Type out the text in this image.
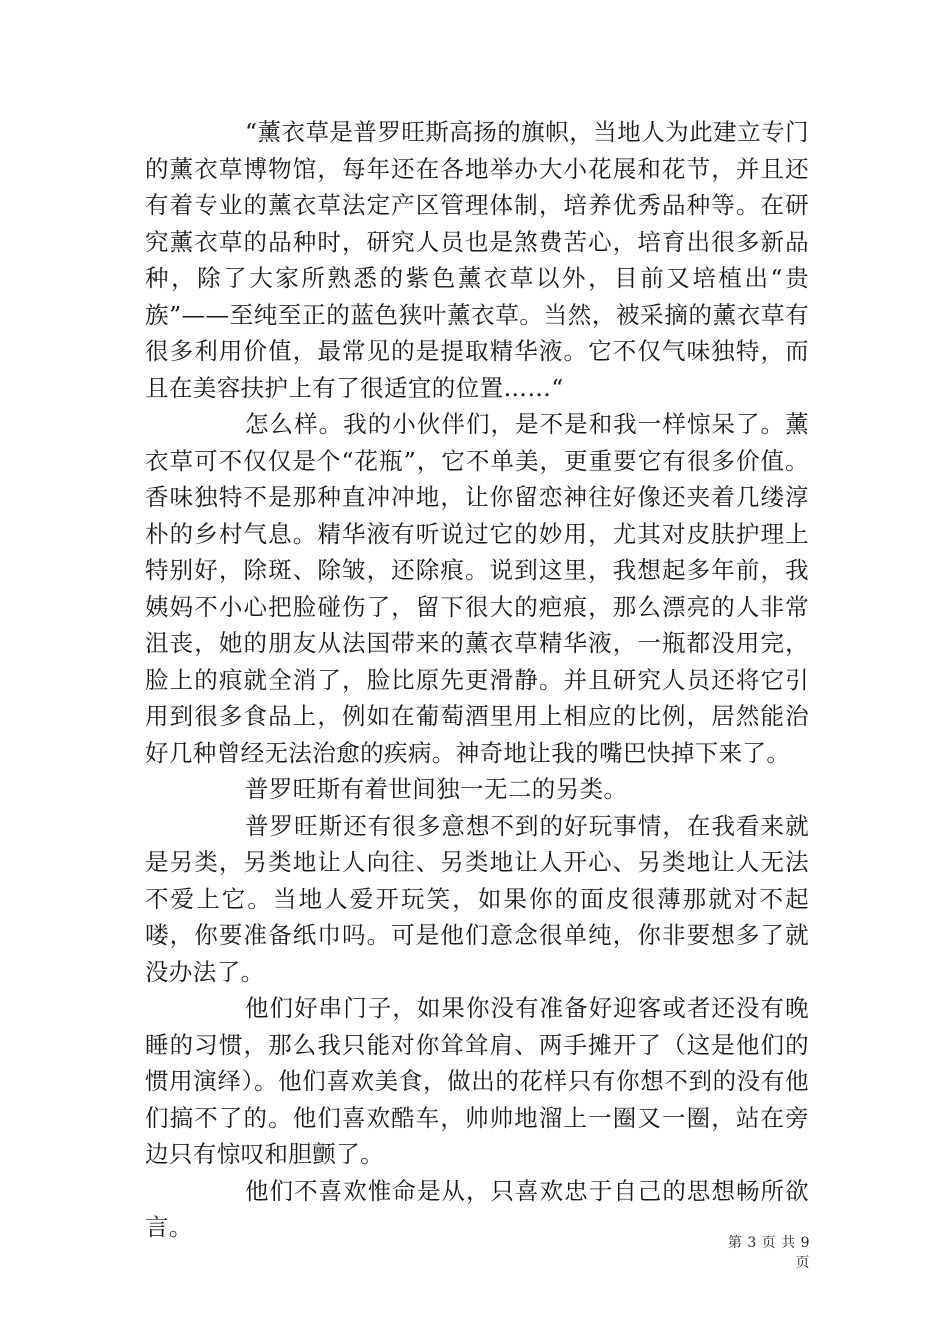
“薰衣草是普罗旺斯高扬的旗帜，当地人为此建立专门的薰衣草博物馆，每年还在各地举办大小花展和花节，并且还有着专业的薰衣草法定产区管理体制，培养优秀品种等。在研究薰衣草的品种时，研究人员也是煞费苦心，培育出很多新品种，除了大家所熟悉的紫色薰衣草以外，目前又培植出“贵族”——至纯至正的蓝色狭叶薰衣草。当然，被采摘的薰衣草有很多利用价值，最常见的是提取精华液。它不仅气味独特，而且在美容扶护上有了很适宜的位置……“

怎么样。我的小伙伴们，是不是和我一样惊呆了。薰衣草可不仅仅是个“花瓶”，它不单美，更重要它有很多价值。香味独特不是那种直冲冲地，让你留恋神往好像还夹着几缕淳朴的乡村气息。精华液有听说过它的妙用，尤其对皮肤护理上特别好，除斑、除皱，还除痕。说到这里，我想起多年前，我姨妈不小心把脸碰伤了，留下很大的疤痕，那么漂亮的人非常沮丧，她的朋友从法国带来的薰衣草精华液，一瓶都没用完，脸上的痕就全消了，脸比原先更滑静。并且研究人员还将它引用到很多食品上，例如在葡萄酒里用上相应的比例，居然能治好几种曾经无法治愈的疾病。神奇地让我的嘴巴快掉下来了。

普罗旺斯有着世间独一无二的另类。

普罗旺斯还有很多意想不到的好玩事情，在我看来就是另类，另类地让人向往、另类地让人开心、另类地让人无法不爱上它。当地人爱开玩笑，如果你的面皮很薄那就对不起喽，你要准备纸巾吗。可是他们意念很单纯，你非要想多了就没办法了。

他们好串门子，如果你没有准备好迎客或者还没有晚睡的习惯，那么我只能对你耸耸肩、两手摊开了（这是他们的惯用演绎）。他们喜欢美食，做出的花样只有你想不到的没有他们搞不了的。他们喜欢酷车，帅帅地溜上一圈又一圈，站在旁边只有惊叹和胆颤了。

他们不喜欢惟命是从，只喜欢忠于自己的思想畅所欲言。

第 3 页 共 9 页
